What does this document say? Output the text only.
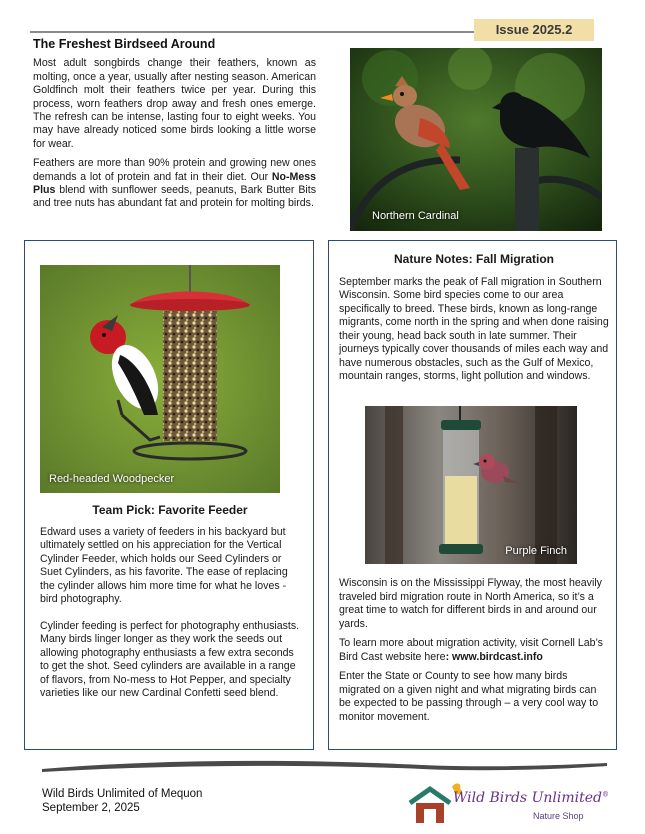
Issue 2025.2
The Freshest Birdseed Around

Most adult songbirds change their feathers, known as molting, once a year, usually after nesting season. American Goldfinch molt their feathers twice per year. During this process, worn feathers drop away and fresh ones emerge. The refresh can be intense, lasting four to eight weeks. You may have already noticed some birds looking a little worse for wear.

Feathers are more than 90% protein and growing new ones demands a lot of protein and fat in their diet. Our No-Mess Plus blend with sunflower seeds, peanuts, Bark Butter Bits and tree nuts has abundant fat and protein for molting birds.

Northern Cardinal
Red-headed Woodpecker
Team Pick: Favorite Feeder

Edward uses a variety of feeders in his backyard but ultimately settled on his appreciation for the Vertical Cylinder Feeder, which holds our Seed Cylinders or Suet Cylinders, as his favorite. The ease of replacing the cylinder allows him more time for what he loves - bird photography.

Cylinder feeding is perfect for photography enthusiasts. Many birds linger longer as they work the seeds out allowing photography enthusiasts a few extra seconds to get the shot. Seed cylinders are available in a range of flavors, from No-mess to Hot Pepper, and specialty varieties like our new Cardinal Confetti seed blend.

Nature Notes: Fall Migration

September marks the peak of Fall migration in Southern Wisconsin. Some bird species come to our area specifically to breed. These birds, known as long-range migrants, come north in the spring and when done raising their young, head back south in late summer. Their journeys typically cover thousands of miles each way and have numerous obstacles, such as the Gulf of Mexico, mountain ranges, storms, light pollution and windows.

Purple Finch

Wisconsin is on the Mississippi Flyway, the most heavily traveled bird migration route in North America, so it’s a great time to watch for different birds in and around our yards.

To learn more about migration activity, visit Cornell Lab’s Bird Cast website here: www.birdcast.info

Enter the State or County to see how many birds migrated on a given night and what migrating birds can be expected to be passing through – a very cool way to monitor movement.

Wild Birds Unlimited of Mequon
September 2, 2025
Wild Birds Unlimited®
Nature Shop
